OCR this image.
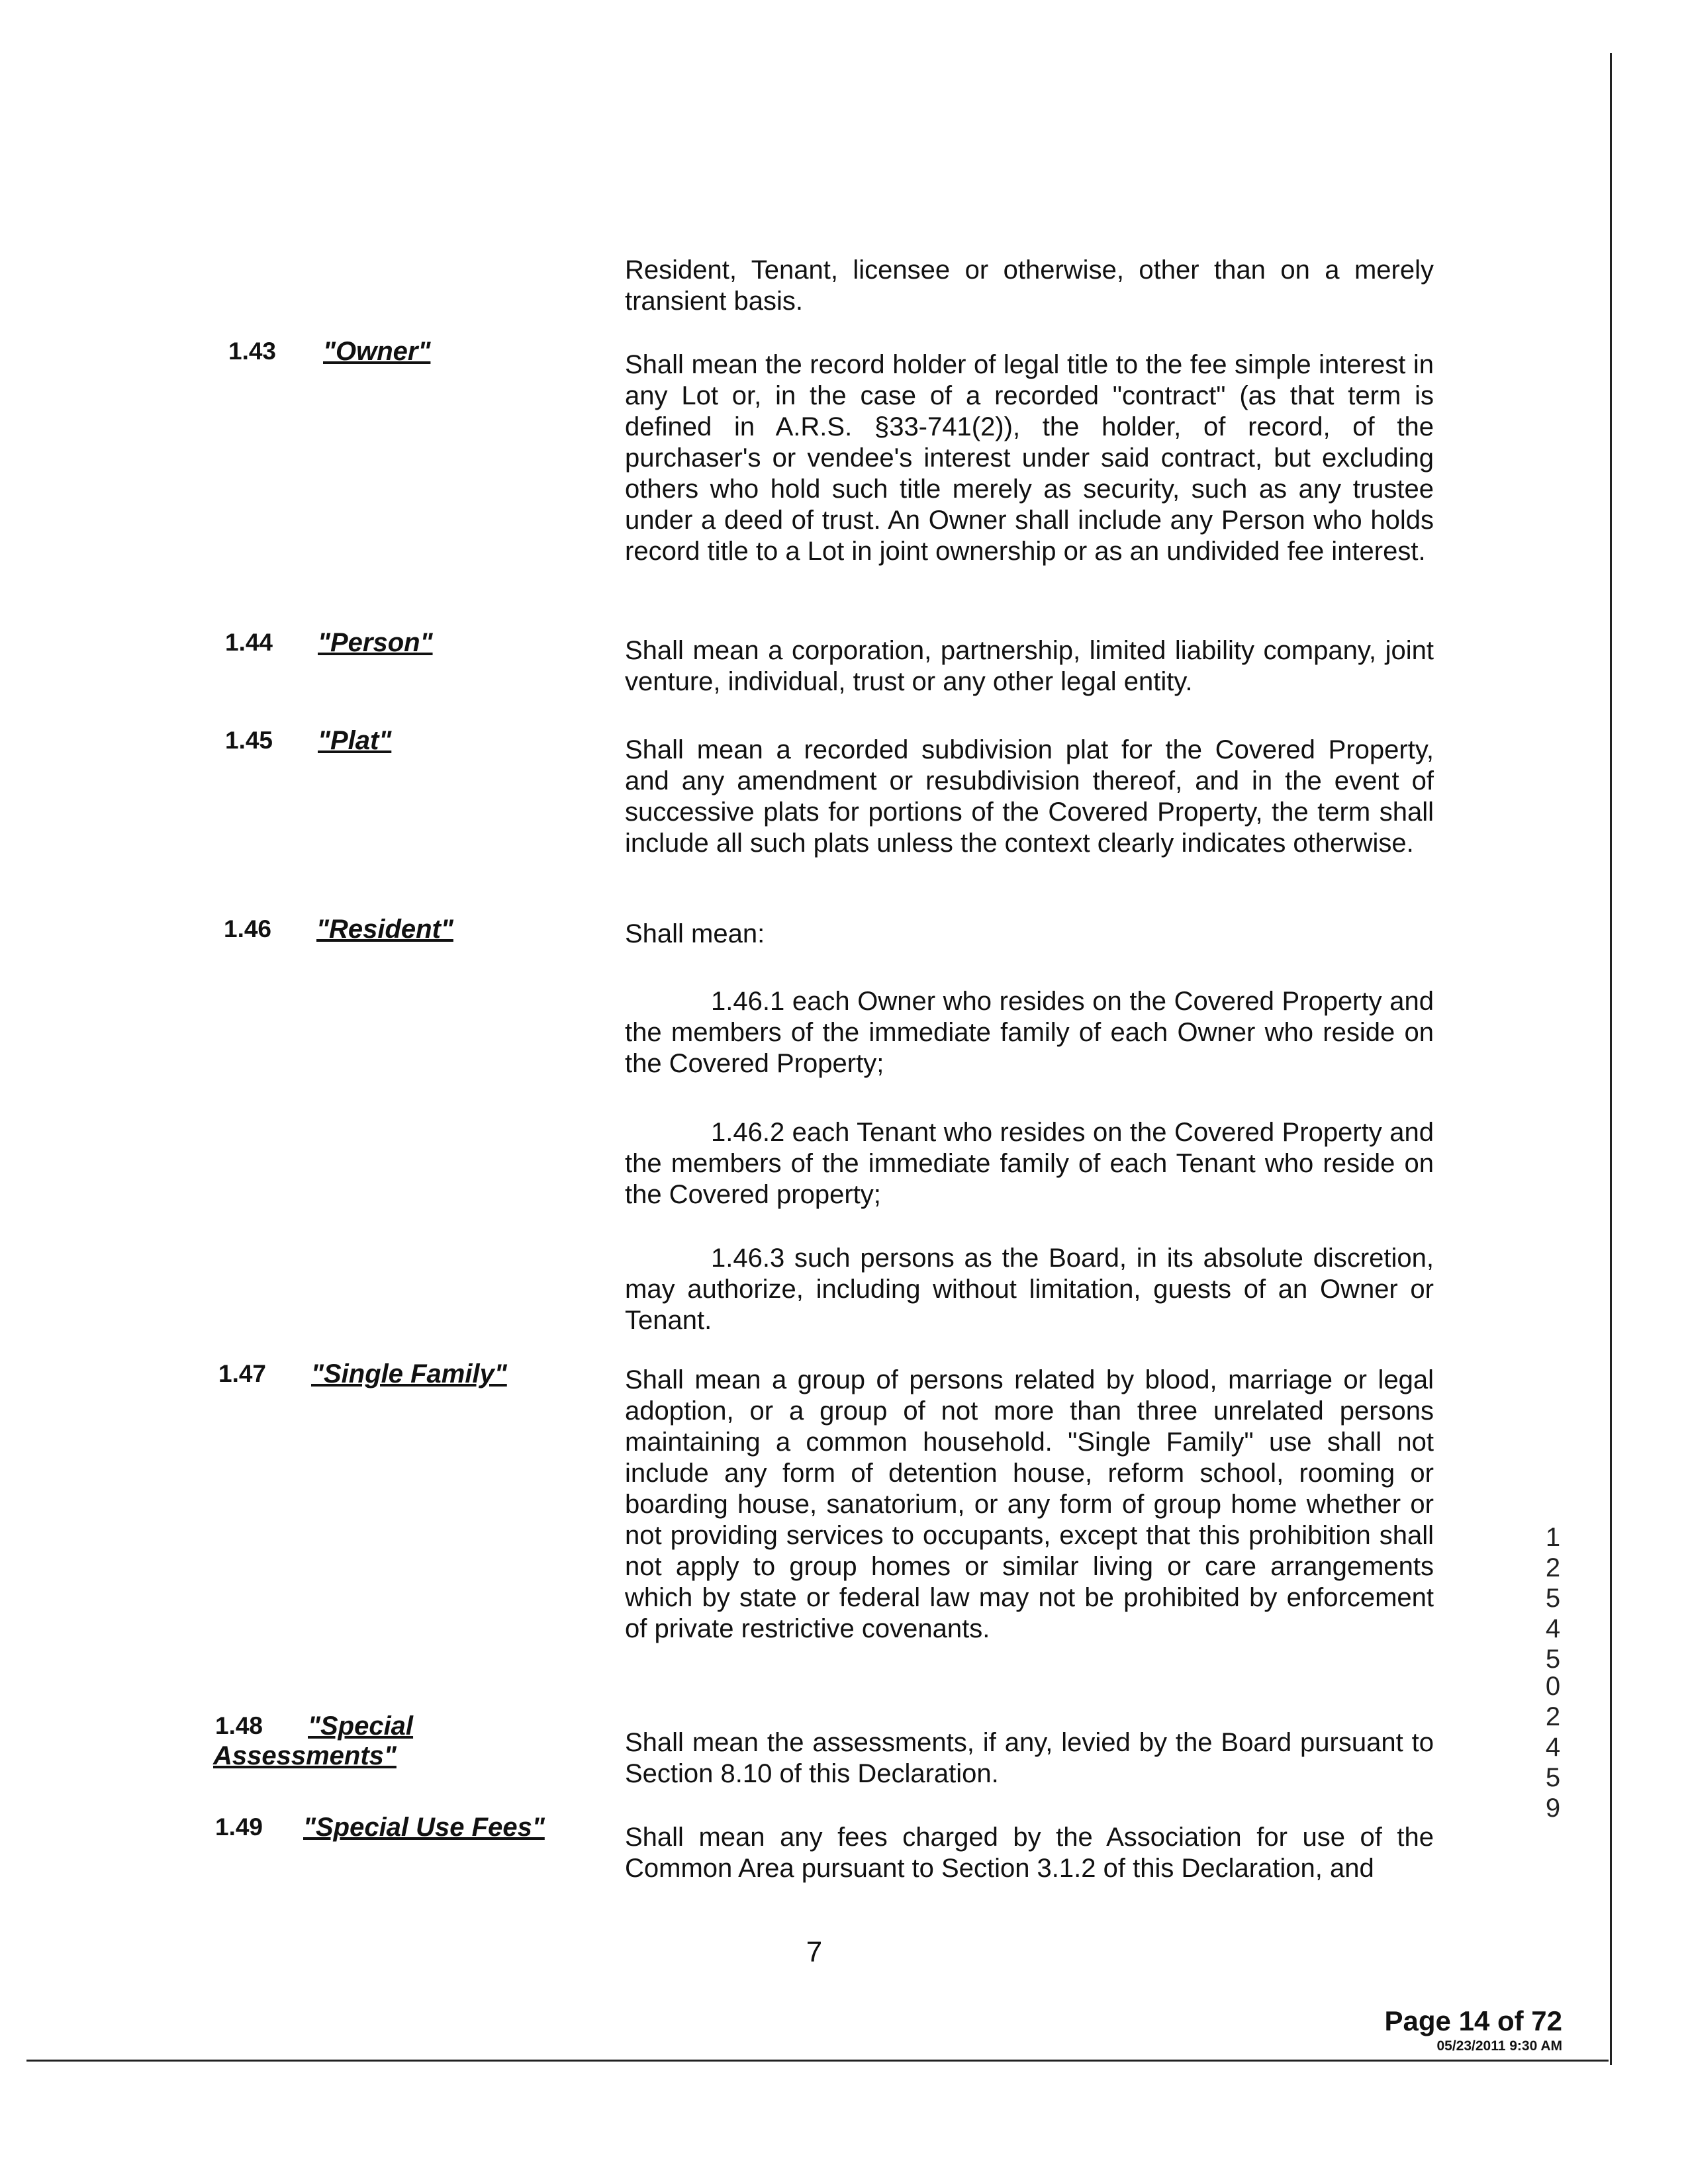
Resident, Tenant, licensee or otherwise, other than on a merely transient basis.
1.43 "Owner"	Shall mean the record holder of legal title to the fee simple interest in any Lot or, in the case of a recorded "contract" (as that term is defined in A.R.S. §33-741(2)), the holder, of record, of the purchaser's or vendee's interest under said contract, but excluding others who hold such title merely as security, such as any trustee under a deed of trust. An Owner shall include any Person who holds record title to a Lot in joint ownership or as an undivided fee interest.
1.44 "Person"	Shall mean a corporation, partnership, limited liability company, joint venture, individual, trust or any other legal entity.
1.45 "Plat"	Shall mean a recorded subdivision plat for the Covered Property, and any amendment or resubdivision thereof, and in the event of successive plats for portions of the Covered Property, the term shall include all such plats unless the context clearly indicates otherwise.
1.46 "Resident"	Shall mean:
1.46.1 each Owner who resides on the Covered Property and the members of the immediate family of each Owner who reside on the Covered Property;
1.46.2 each Tenant who resides on the Covered Property and the members of the immediate family of each Tenant who reside on the Covered property;
1.46.3 such persons as the Board, in its absolute discretion, may authorize, including without limitation, guests of an Owner or Tenant.
1.47 "Single Family"	Shall mean a group of persons related by blood, marriage or legal adoption, or a group of not more than three unrelated persons maintaining a common household. "Single Family" use shall not include any form of detention house, reform school, rooming or boarding house, sanatorium, or any form of group home whether or not providing services to occupants, except that this prohibition shall not apply to group homes or similar living or care arrangements which by state or federal law may not be prohibited by enforcement of private restrictive covenants.
1.48 "Special
Assessments"	Shall mean the assessments, if any, levied by the Board pursuant to Section 8.10 of this Declaration.
1.49 "Special Use Fees"	Shall mean any fees charged by the Association for use of the Common Area pursuant to Section 3.1.2 of this Declaration, and
1
2
5
4
5
0
2
4
5
9
7
Page 14 of 72
05/23/2011 9:30 AM
